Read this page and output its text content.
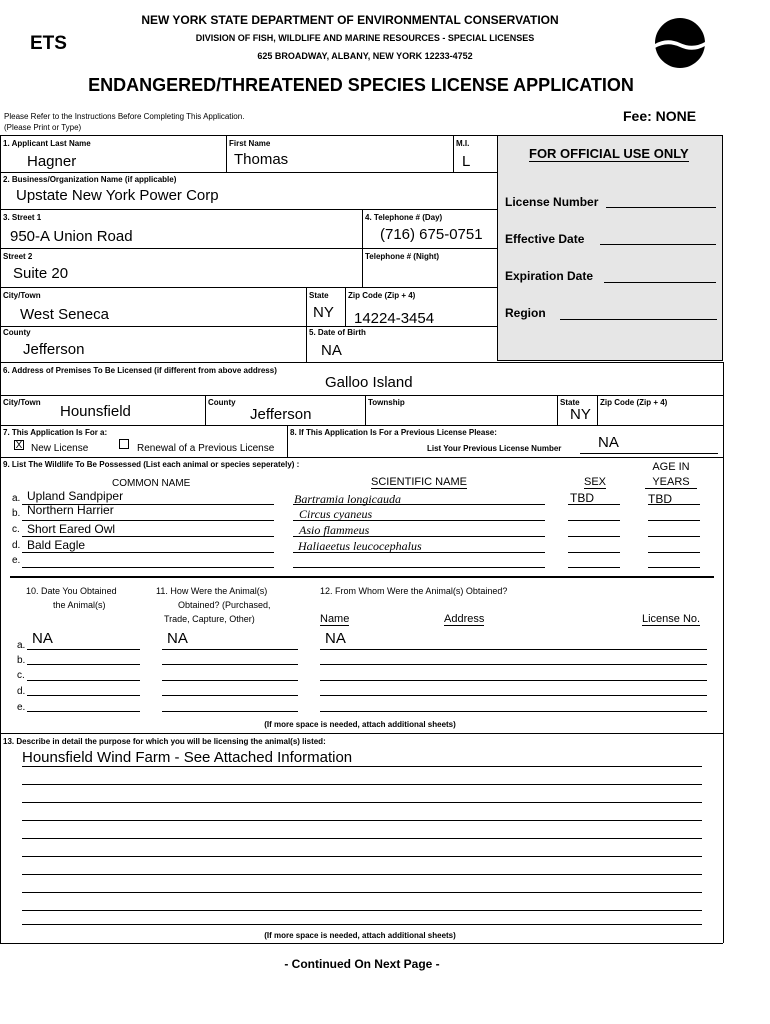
ETS
NEW YORK STATE DEPARTMENT OF ENVIRONMENTAL CONSERVATION
DIVISION OF FISH, WILDLIFE AND MARINE RESOURCES - SPECIAL LICENSES
625 BROADWAY, ALBANY, NEW YORK 12233-4752
ENDANGERED/THREATENED SPECIES LICENSE APPLICATION
Fee: NONE
Please Refer to the Instructions Before Completing This Application.
(Please Print or Type)
FOR OFFICIAL USE ONLY
License Number
Effective Date
Expiration Date
Region
1. Applicant Last Name
Hagner
First Name
Thomas
M.I.
L
2. Business/Organization Name (if applicable)
Upstate New York Power Corp
3. Street 1
950-A Union Road
4. Telephone # (Day)
(716) 675-0751
Street 2
Suite 20
Telephone # (Night)
City/Town
West Seneca
State
NY
Zip Code (Zip + 4)
14224-3454
County
Jefferson
5. Date of Birth
NA
6. Address of Premises To Be Licensed (if different from above address)
Galloo Island
City/Town
Hounsfield
County
Jefferson
Township	State
NY
Zip Code (Zip + 4)
7. This Application Is For a:
X New License	Renewal of a Previous License
8. If This Application Is For a Previous License Please:
List Your Previous License Number NA
9. List The Wildlife To Be Possessed (List each animal or species seperately) :
COMMON NAME	SCIENTIFIC NAME	SEX
AGE IN
YEARS
a. Upland Sandpiper	Bartramia longicauda	TBD	TBD
b. Northern Harrier	Circus cyaneus
c. Short Eared Owl	Asio flammeus
d. Bald Eagle	Haliaeetus leucocephalus
e.
10. Date You Obtained
the Animal(s)
11. How Were the Animal(s)
Obtained? (Purchased,
Trade, Capture, Other)
12. From Whom Were the Animal(s) Obtained?
Name	Address	License No.
a. NA	NA	NA
b.
c.
d.
e.
(If more space is needed, attach additional sheets)
13. Describe in detail the purpose for which you will be licensing the animal(s) listed:
Hounsfield Wind Farm - See Attached Information
(If more space is needed, attach additional sheets)
- Continued On Next Page -
